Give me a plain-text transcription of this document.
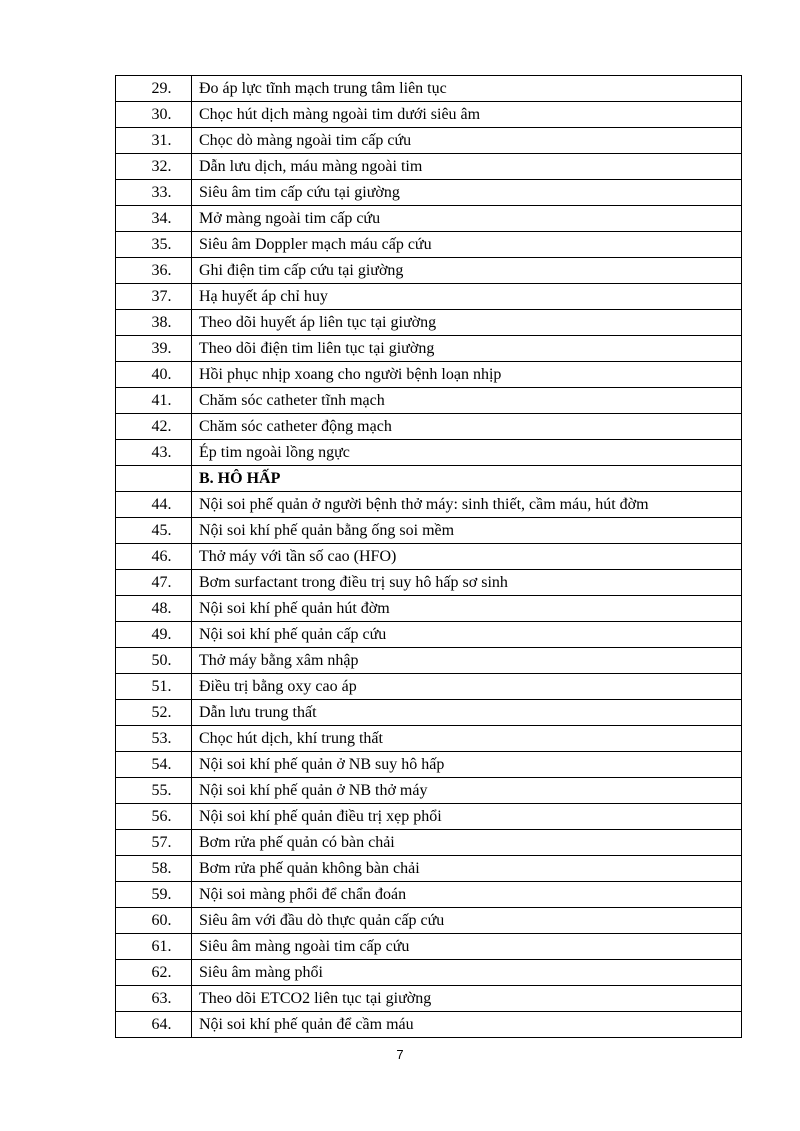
29.	Đo áp lực tĩnh mạch trung tâm liên tục
30.	Chọc hút dịch màng ngoài tim dưới siêu âm
31.	Chọc dò màng ngoài tim cấp cứu
32.	Dẫn lưu dịch, máu màng ngoài tim
33.	Siêu âm tim cấp cứu tại giường
34.	Mở màng ngoài tim cấp cứu
35.	Siêu âm Doppler mạch máu cấp cứu
36.	Ghi điện tim cấp cứu tại giường
37.	Hạ huyết áp chỉ huy
38.	Theo dõi huyết áp liên tục tại giường
39.	Theo dõi điện tim liên tục tại giường
40.	Hồi phục nhịp xoang cho người bệnh loạn nhịp
41.	Chăm sóc catheter tĩnh mạch
42.	Chăm sóc catheter động mạch
43.	Ép tim ngoài lồng ngực
	B. HÔ HẤP
44.	Nội soi phế quản ở người bệnh thở máy: sinh thiết, cầm máu, hút đờm
45.	Nội soi khí phế quản bằng ống soi mềm
46.	Thở máy với tần số cao (HFO)
47.	Bơm surfactant trong điều trị suy hô hấp sơ sinh
48.	Nội soi khí phế quản hút đờm
49.	Nội soi khí phế quản cấp cứu
50.	Thở máy bằng xâm nhập
51.	Điều trị bằng oxy cao áp
52.	Dẫn lưu trung thất
53.	Chọc hút dịch, khí trung thất
54.	Nội soi khí phế quản ở NB suy hô hấp
55.	Nội soi khí phế quản ở NB thở máy
56.	Nội soi khí phế quản điều trị xẹp phổi
57.	Bơm rửa phế quản có bàn chải
58.	Bơm rửa phế quản không bàn chải
59.	Nội soi màng phổi để chẩn đoán
60.	Siêu âm với đầu dò thực quản cấp cứu
61.	Siêu âm màng ngoài tim cấp cứu
62.	Siêu âm màng phổi
63.	Theo dõi ETCO2 liên tục tại giường
64.	Nội soi khí phế quản để cầm máu
7
